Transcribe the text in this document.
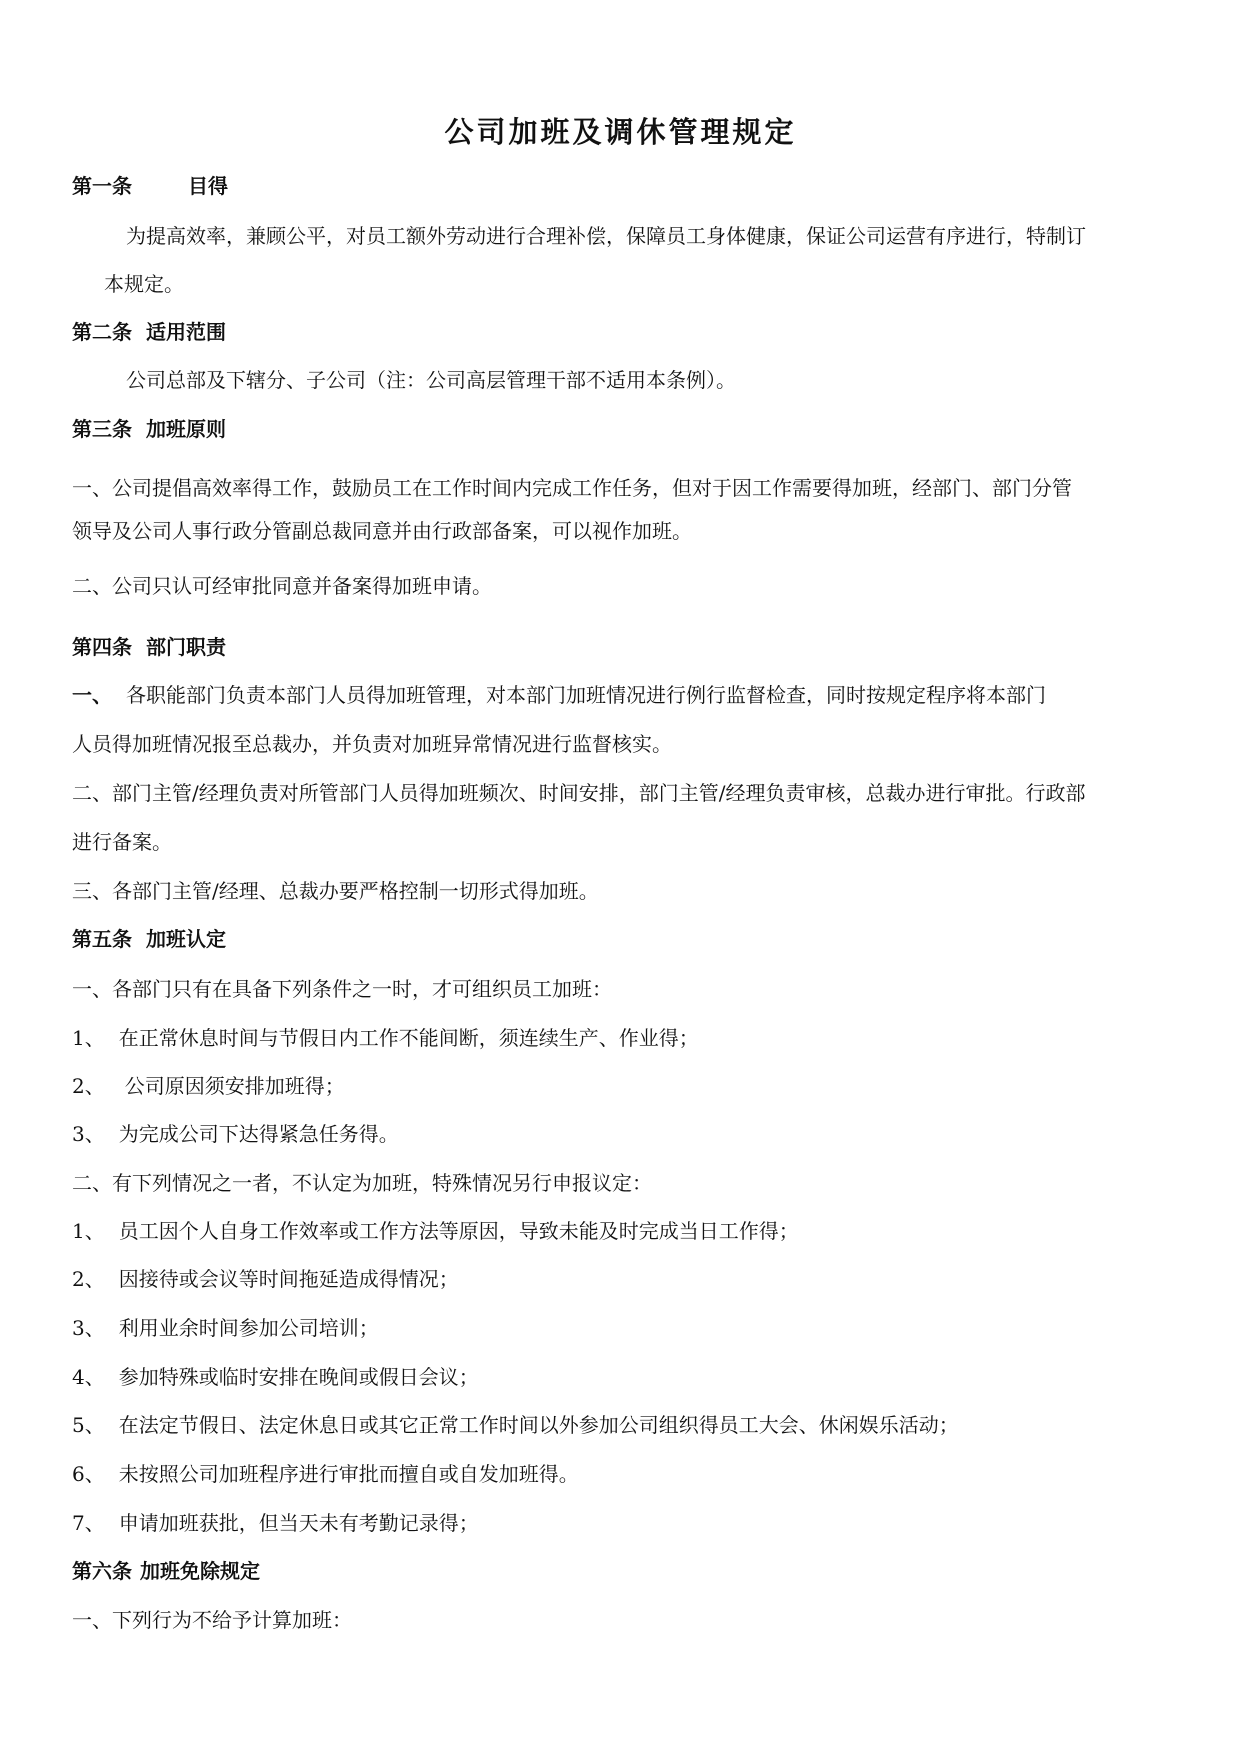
公司加班及调休管理规定
第一条	目得
为提高效率，兼顾公平，对员工额外劳动进行合理补偿，保障员工身体健康，保证公司运营有序进行，特制订
本规定。
第二条 适用范围
公司总部及下辖分、子公司（注：公司高层管理干部不适用本条例）。
第三条 加班原则
一、公司提倡高效率得工作，鼓励员工在工作时间内完成工作任务，但对于因工作需要得加班，经部门、部门分管
领导及公司人事行政分管副总裁同意并由行政部备案，可以视作加班。
二、公司只认可经审批同意并备案得加班申请。
第四条 部门职责
一、 各职能部门负责本部门人员得加班管理，对本部门加班情况进行例行监督检查，同时按规定程序将本部门
人员得加班情况报至总裁办，并负责对加班异常情况进行监督核实。
二、部门主管/经理负责对所管部门人员得加班频次、时间安排，部门主管/经理负责审核，总裁办进行审批。行政部
进行备案。
三、各部门主管/经理、总裁办要严格控制一切形式得加班。
第五条 加班认定
一、各部门只有在具备下列条件之一时，才可组织员工加班：
1、 在正常休息时间与节假日内工作不能间断，须连续生产、作业得；
2、 公司原因须安排加班得；
3、 为完成公司下达得紧急任务得。
二、有下列情况之一者，不认定为加班，特殊情况另行申报议定：
1、 员工因个人自身工作效率或工作方法等原因，导致未能及时完成当日工作得；
2、 因接待或会议等时间拖延造成得情况；
3、 利用业余时间参加公司培训；
4、 参加特殊或临时安排在晚间或假日会议；
5、 在法定节假日、法定休息日或其它正常工作时间以外参加公司组织得员工大会、休闲娱乐活动；
6、 未按照公司加班程序进行审批而擅自或自发加班得。
7、 申请加班获批，但当天未有考勤记录得；
第六条 加班免除规定
一、下列行为不给予计算加班：
